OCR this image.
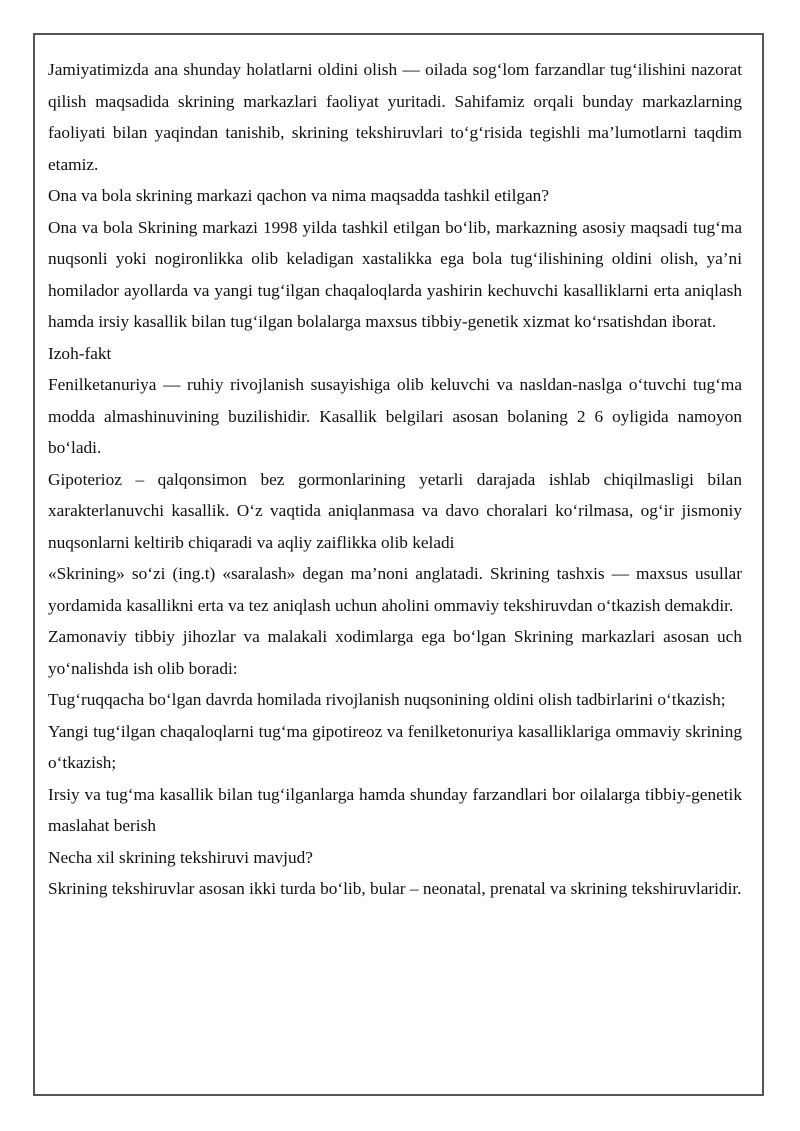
Jamiyatimizda ana shunday holatlarni oldini olish — oilada sog‘lom farzandlar tug‘ilishini nazorat qilish maqsadida skrining markazlari faoliyat yuritadi. Sahifamiz orqali bunday markazlarning faoliyati bilan yaqindan tanishib, skrining tekshiruvlari to‘g‘risida tegishli ma’lumotlarni taqdim etamiz.

Ona va bola skrining markazi qachon va nima maqsadda tashkil etilgan?

Ona va bola Skrining markazi 1998 yilda tashkil etilgan bo‘lib, markazning asosiy maqsadi tug‘ma nuqsonli yoki nogironlikka olib keladigan xastalikka ega bola tug‘ilishining oldini olish, ya’ni homilador ayollarda va yangi tug‘ilgan chaqaloqlarda yashirin kechuvchi kasalliklarni erta aniqlash hamda irsiy kasallik bilan tug‘ilgan bolalarga maxsus tibbiy-genetik xizmat ko‘rsatishdan iborat.

Izoh-fakt

Fenilketanuriya — ruhiy rivojlanish susayishiga olib keluvchi va nasldan-naslga o‘tuvchi tug‘ma modda almashinuvining buzilishidir. Kasallik belgilari asosan bolaning 2 6 oyligida namoyon bo‘ladi.

Gipoterioz – qalqonsimon bez gormonlarining yetarli darajada ishlab chiqilmasligi bilan xarakterlanuvchi kasallik. O‘z vaqtida aniqlanmasa va davo choralari ko‘rilmasa, og‘ir jismoniy nuqsonlarni keltirib chiqaradi va aqliy zaiflikka olib keladi

«Skrining» so‘zi (ing.t) «saralash» degan ma’noni anglatadi. Skrining tashxis — maxsus usullar yordamida kasallikni erta va tez aniqlash uchun aholini ommaviy tekshiruvdan o‘tkazish demakdir.

Zamonaviy tibbiy jihozlar va malakali xodimlarga ega bo‘lgan Skrining markazlari asosan uch yo‘nalishda ish olib boradi:

Tug‘ruqqacha bo‘lgan davrda homilada rivojlanish nuqsonining oldini olish tadbirlarini o‘tkazish;

Yangi tug‘ilgan chaqaloqlarni tug‘ma gipotireoz va fenilketonuriya kasalliklariga ommaviy skrining o‘tkazish;

Irsiy va tug‘ma kasallik bilan tug‘ilganlarga hamda shunday farzandlari bor oilalarga tibbiy-genetik maslahat berish

Necha xil skrining tekshiruvi mavjud?

Skrining tekshiruvlar asosan ikki turda bo‘lib, bular – neonatal, prenatal va skrining tekshiruvlaridir.
